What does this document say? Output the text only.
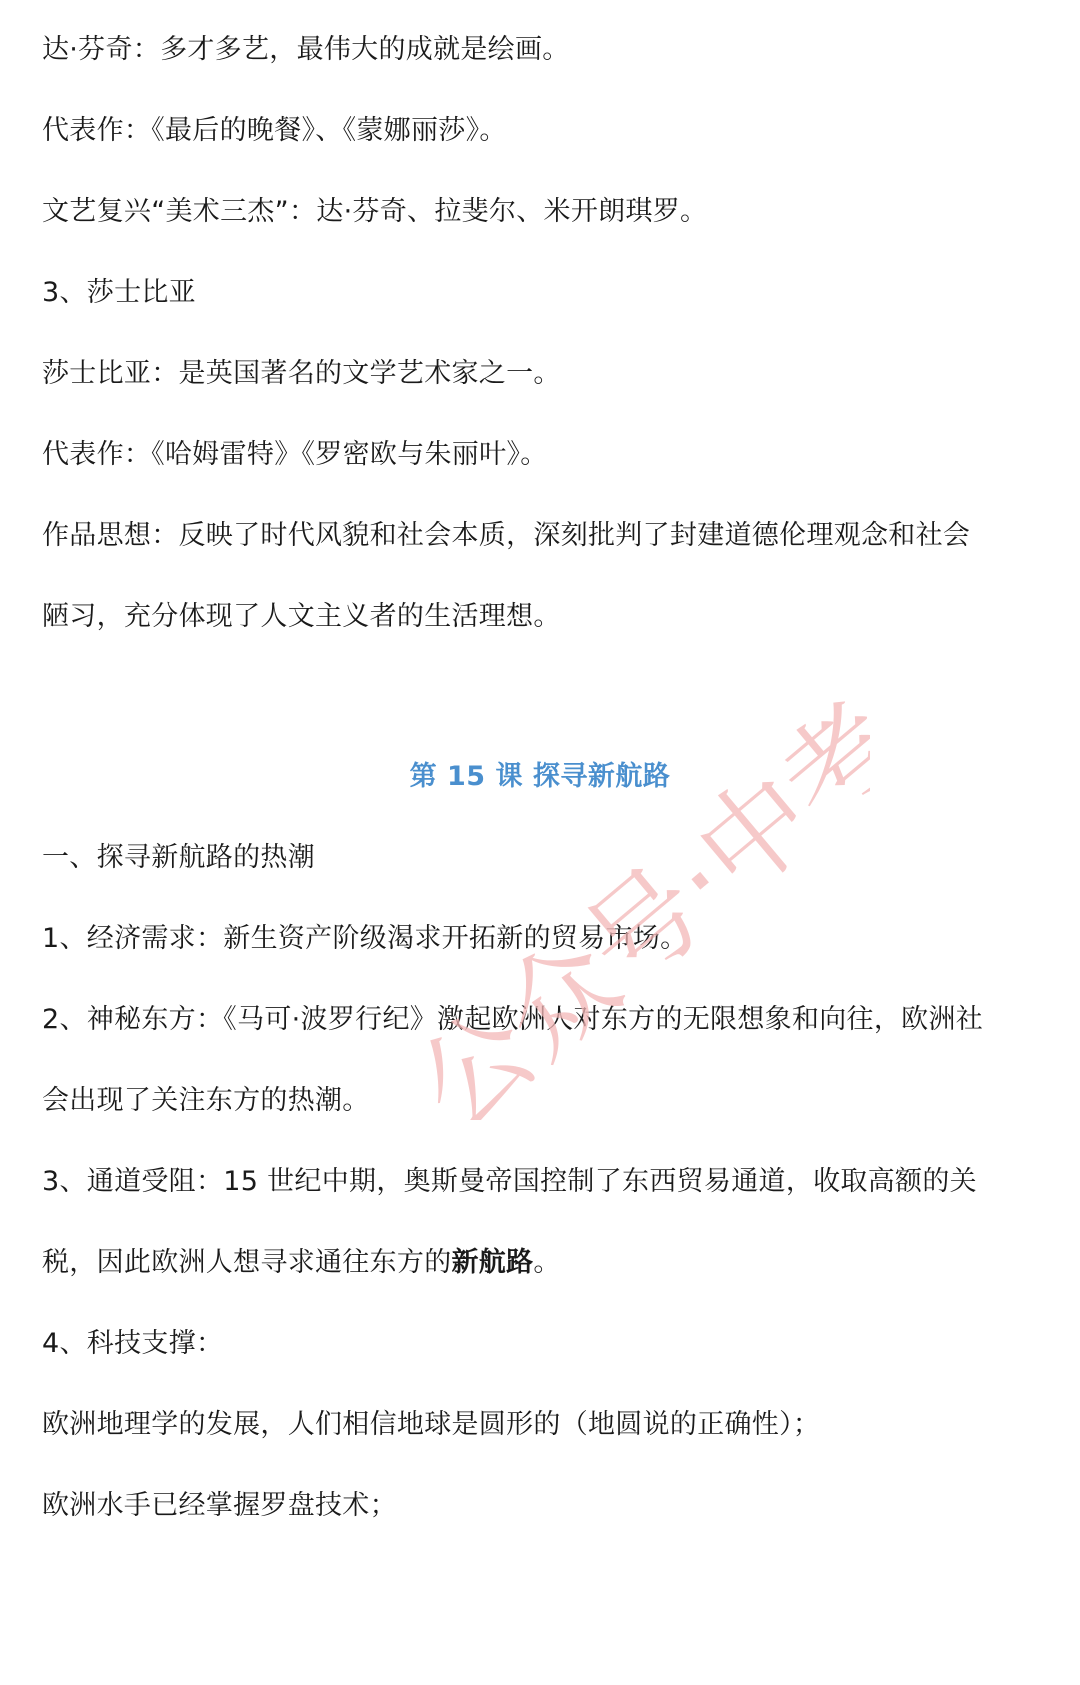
达·芬奇：多才多艺，最伟大的成就是绘画。
代表作：《最后的晚餐》、《蒙娜丽莎》。
文艺复兴“美术三杰”：达·芬奇、拉斐尔、米开朗琪罗。
3、莎士比亚
莎士比亚：是英国著名的文学艺术家之一。
代表作：《哈姆雷特》《罗密欧与朱丽叶》。
作品思想：反映了时代风貌和社会本质，深刻批判了封建道德伦理观念和社会
陋习，充分体现了人文主义者的生活理想。
第 15 课 探寻新航路
一、探寻新航路的热潮
1、经济需求：新生资产阶级渴求开拓新的贸易市场。
2、神秘东方：《马可·波罗行纪》激起欧洲人对东方的无限想象和向往，欧洲社
会出现了关注东方的热潮。
3、通道受阻：15 世纪中期，奥斯曼帝国控制了东西贸易通道，收取高额的关
税，因此欧洲人想寻求通往东方的新航路。
4、科技支撑：
欧洲地理学的发展，人们相信地球是圆形的（地圆说的正确性）；
欧洲水手已经掌握罗盘技术；
公众号·中考
